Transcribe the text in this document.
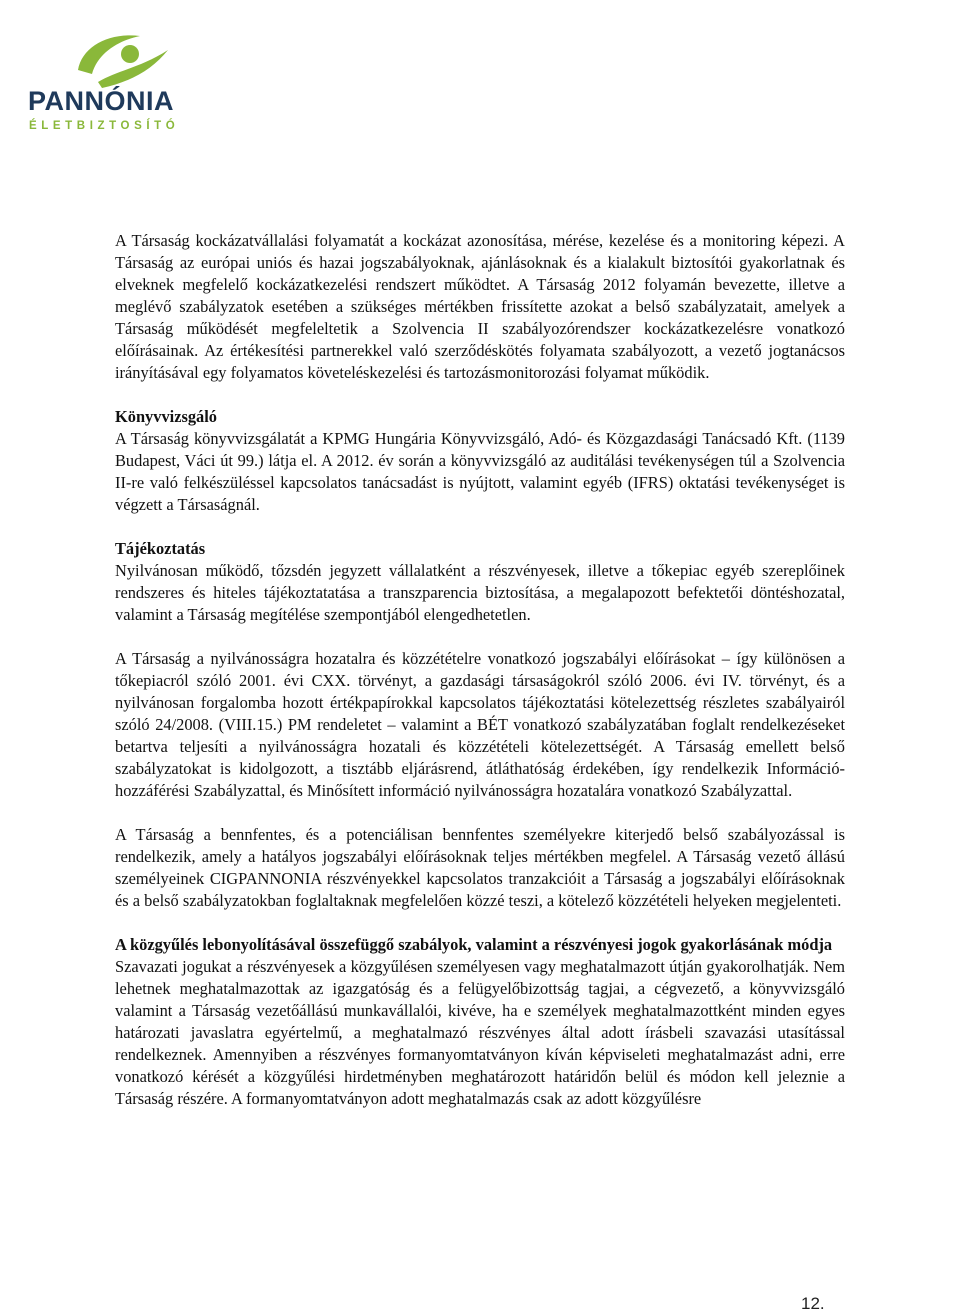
PANNÓNIA
ÉLETBIZTOSÍTÓ

A Társaság kockázatvállalási folyamatát a kockázat azonosítása, mérése, kezelése és a monitoring képezi. A Társaság az európai uniós és hazai jogszabályoknak, ajánlásoknak és a kialakult biztosítói gyakorlatnak és elveknek megfelelő kockázatkezelési rendszert működtet. A Társaság 2012 folyamán bevezette, illetve a meglévő szabályzatok esetében a szükséges mértékben frissítette azokat a belső szabályzatait, amelyek a Társaság működését megfeleltetik a Szolvencia II szabályozórendszer kockázatkezelésre vonatkozó előírásainak. Az értékesítési partnerekkel való szerződéskötés folyamata szabályozott, a vezető jogtanácsos irányításával egy folyamatos követeléskezelési és tartozásmonitorozási folyamat működik.

Könyvvizsgáló

A Társaság könyvvizsgálatát a KPMG Hungária Könyvvizsgáló, Adó- és Közgazdasági Tanácsadó Kft. (1139 Budapest, Váci út 99.) látja el. A 2012. év során a könyvvizsgáló az auditálási tevékenységen túl a Szolvencia II-re való felkészüléssel kapcsolatos tanácsadást is nyújtott, valamint egyéb (IFRS) oktatási tevékenységet is végzett a Társaságnál.

Tájékoztatás

Nyilvánosan működő, tőzsdén jegyzett vállalatként a részvényesek, illetve a tőkepiac egyéb szereplőinek rendszeres és hiteles tájékoztatatása a transzparencia biztosítása, a megalapozott befektetői döntéshozatal, valamint a Társaság megítélése szempontjából elengedhetetlen.

A Társaság a nyilvánosságra hozatalra és közzétételre vonatkozó jogszabályi előírásokat – így különösen a tőkepiacról szóló 2001. évi CXX. törvényt, a gazdasági társaságokról szóló 2006. évi IV. törvényt, és a nyilvánosan forgalomba hozott értékpapírokkal kapcsolatos tájékoztatási kötelezettség részletes szabályairól szóló 24/2008. (VIII.15.) PM rendeletet – valamint a BÉT vonatkozó szabályzatában foglalt rendelkezéseket betartva teljesíti a nyilvánosságra hozatali és közzétételi kötelezettségét. A Társaság emellett belső szabályzatokat is kidolgozott, a tisztább eljárásrend, átláthatóság érdekében, így rendelkezik Információ-hozzáférési Szabályzattal, és Minősített információ nyilvánosságra hozatalára vonatkozó Szabályzattal.

A Társaság a bennfentes, és a potenciálisan bennfentes személyekre kiterjedő belső szabályozással is rendelkezik, amely a hatályos jogszabályi előírásoknak teljes mértékben megfelel. A Társaság vezető állású személyeinek CIGPANNONIA részvényekkel kapcsolatos tranzakcióit a Társaság a jogszabályi előírásoknak és a belső szabályzatokban foglaltaknak megfelelően közzé teszi, a kötelező közzétételi helyeken megjelenteti.

A közgyűlés lebonyolításával összefüggő szabályok, valamint a részvényesi jogok gyakorlásának módja

Szavazati jogukat a részvényesek a közgyűlésen személyesen vagy meghatalmazott útján gyakorolhatják. Nem lehetnek meghatalmazottak az igazgatóság és a felügyelőbizottság tagjai, a cégvezető, a könyvvizsgáló valamint a Társaság vezetőállású munkavállalói, kivéve, ha e személyek meghatalmazottként minden egyes határozati javaslatra egyértelmű, a meghatalmazó részvényes által adott írásbeli szavazási utasítással rendelkeznek. Amennyiben a részvényes formanyomtatványon kíván képviseleti meghatalmazást adni, erre vonatkozó kérését a közgyűlési hirdetményben meghatározott határidőn belül és módon kell jeleznie a Társaság részére. A formanyomtatványon adott meghatalmazás csak az adott közgyűlésre

12.
